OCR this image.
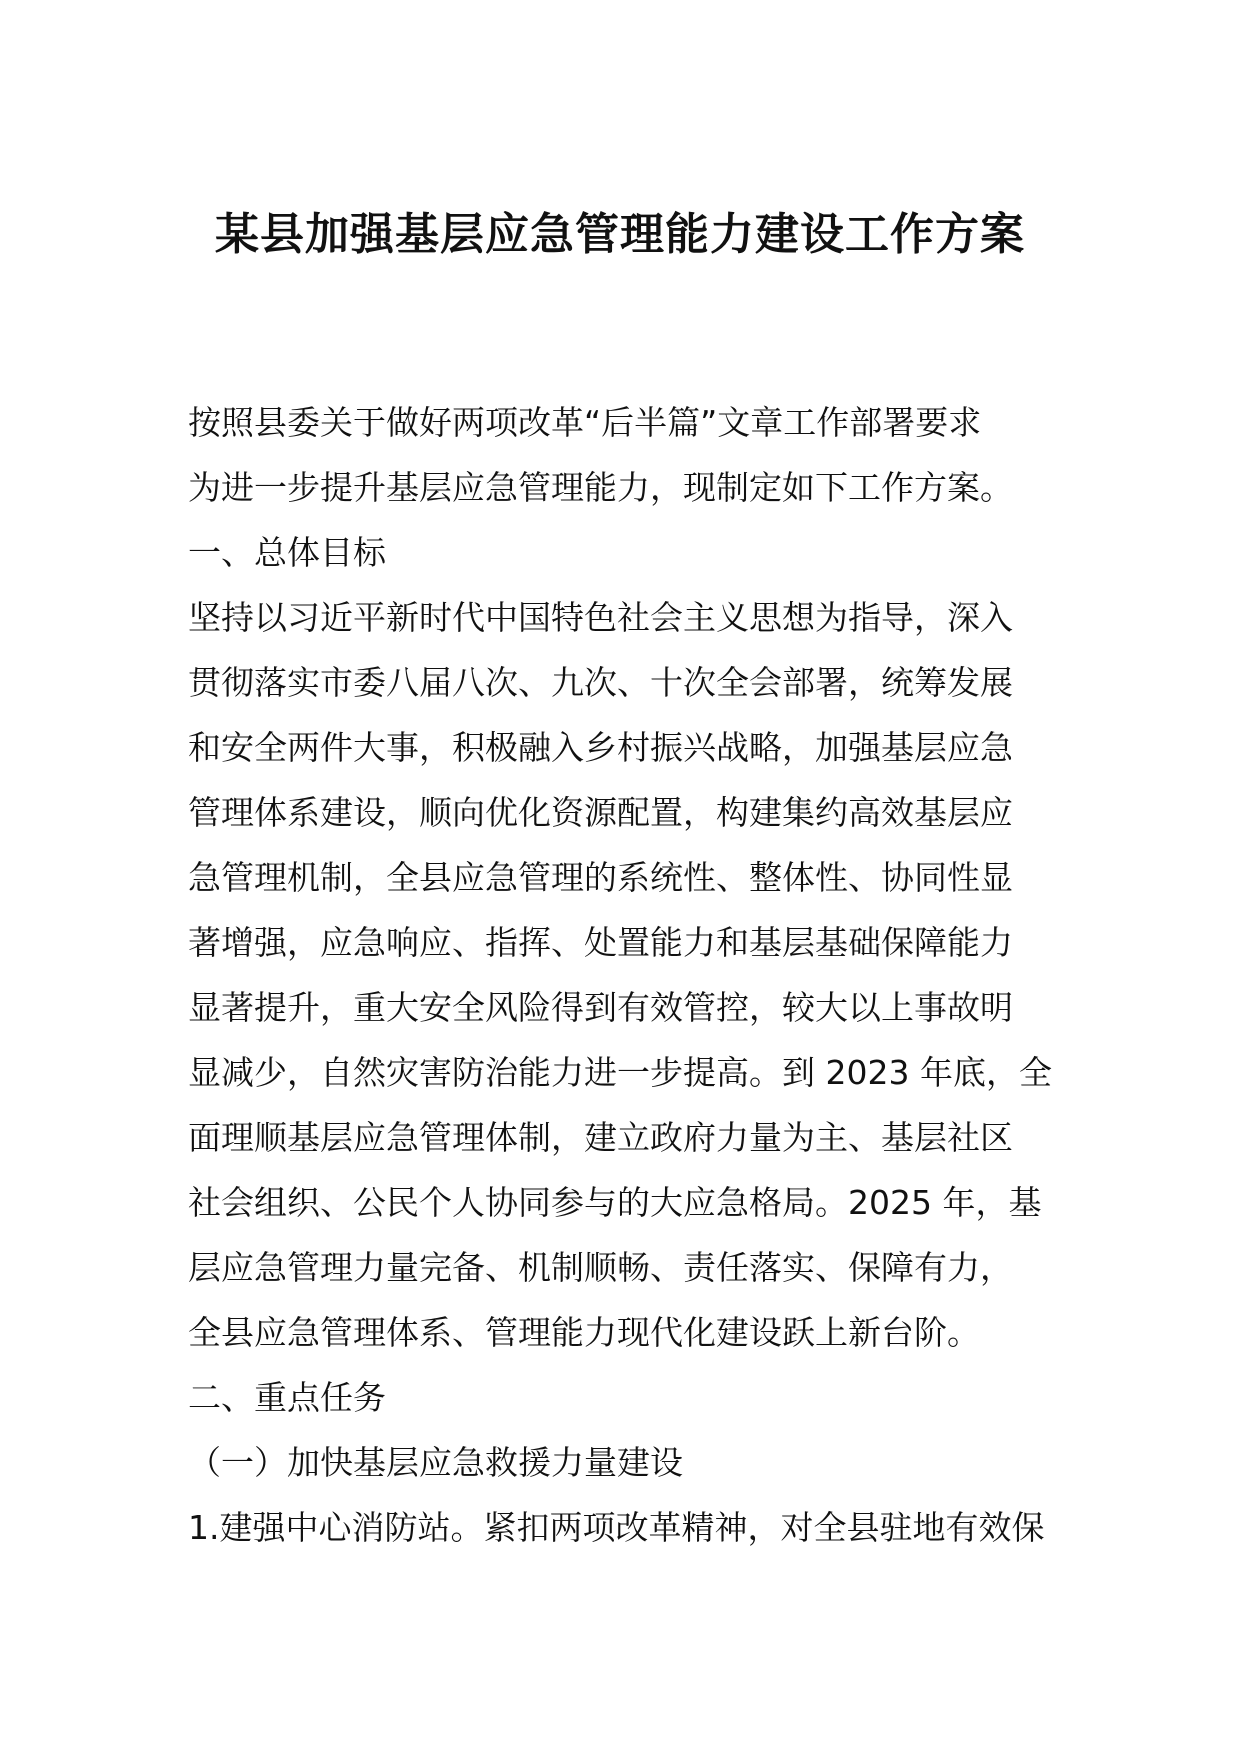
某县加强基层应急管理能力建设工作方案
按照县委关于做好两项改革“后半篇”文章工作部署要求
为进一步提升基层应急管理能力，现制定如下工作方案。
一、总体目标
坚持以习近平新时代中国特色社会主义思想为指导，深入
贯彻落实市委八届八次、九次、十次全会部署，统筹发展
和安全两件大事，积极融入乡村振兴战略，加强基层应急
管理体系建设，顺向优化资源配置，构建集约高效基层应
急管理机制，全县应急管理的系统性、整体性、协同性显
著增强，应急响应、指挥、处置能力和基层基础保障能力
显著提升，重大安全风险得到有效管控，较大以上事故明
显减少，自然灾害防治能力进一步提高。到 2023 年底，全
面理顺基层应急管理体制，建立政府力量为主、基层社区
社会组织、公民个人协同参与的大应急格局。2025 年，基
层应急管理力量完备、机制顺畅、责任落实、保障有力，
全县应急管理体系、管理能力现代化建设跃上新台阶。
二、重点任务
（一）加快基层应急救援力量建设
1.建强中心消防站。紧扣两项改革精神，对全县驻地有效保
